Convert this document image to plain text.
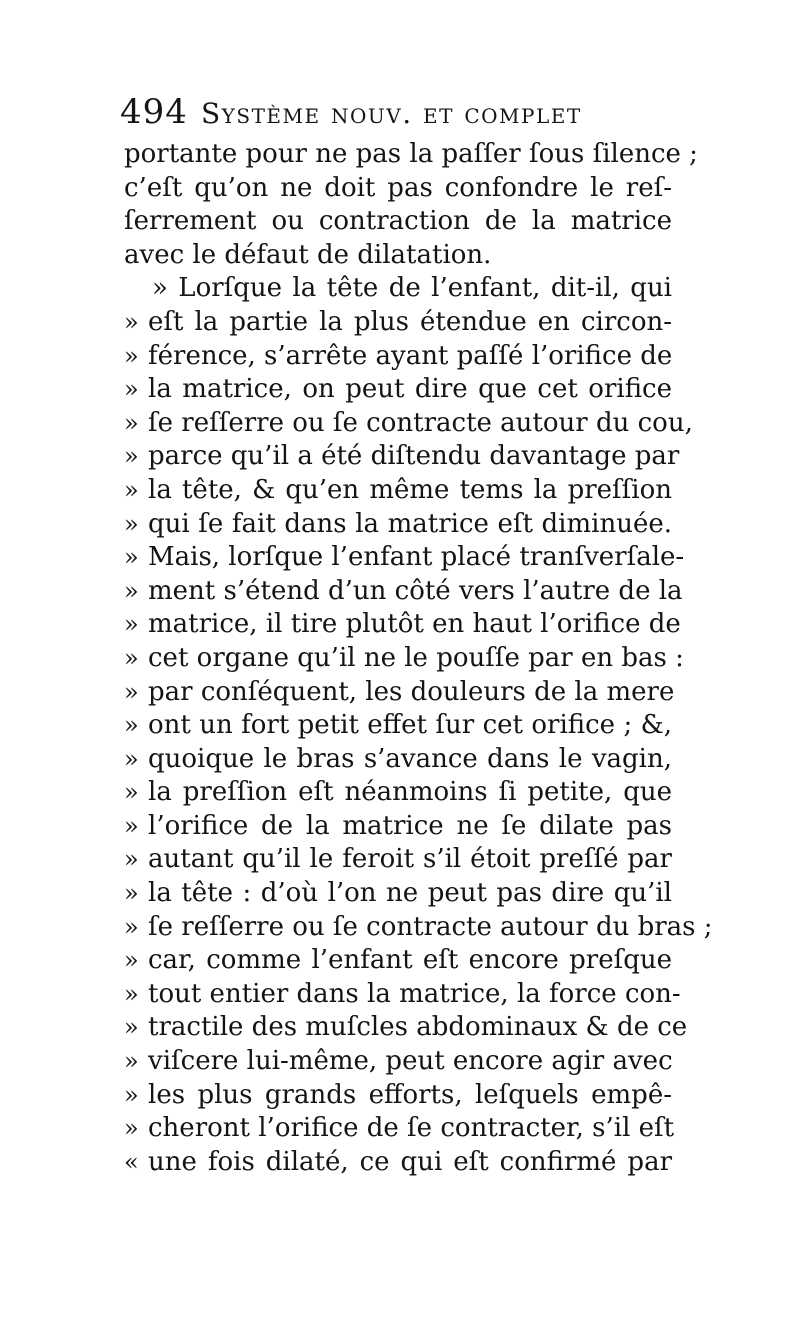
494 Système nouv. et complet
portante pour ne pas la paſſer ſous ſilence ;
c’eſt qu’on ne doit pas confondre le reſ-
ſerrement ou contraction de la matrice
avec le défaut de dilatation.
» Lorſque la tête de l’enfant, dit-il, qui
» eſt la partie la plus étendue en circon-
» férence, s’arrête ayant paſſé l’orifice de
» la matrice, on peut dire que cet orifice
» ſe reſſerre ou ſe contracte autour du cou,
» parce qu’il a été diſtendu davantage par
» la tête, & qu’en même tems la preſſion
» qui ſe fait dans la matrice eſt diminuée.
» Mais, lorſque l’enfant placé tranſverſale-
» ment s’étend d’un côté vers l’autre de la
» matrice, il tire plutôt en haut l’orifice de
» cet organe qu’il ne le pouſſe par en bas :
» par conſéquent, les douleurs de la mere
» ont un fort petit effet ſur cet orifice ; &,
» quoique le bras s’avance dans le vagin,
» la preſſion eſt néanmoins ſi petite, que
» l’orifice de la matrice ne ſe dilate pas
» autant qu’il le feroit s’il étoit preſſé par
» la tête : d’où l’on ne peut pas dire qu’il
» ſe reſſerre ou ſe contracte autour du bras ;
» car, comme l’enfant eſt encore preſque
» tout entier dans la matrice, la force con-
» tractile des muſcles abdominaux & de ce
» viſcere lui-même, peut encore agir avec
» les plus grands efforts, leſquels empê-
» cheront l’orifice de ſe contracter, s’il eſt
« une fois dilaté, ce qui eſt confirmé par
